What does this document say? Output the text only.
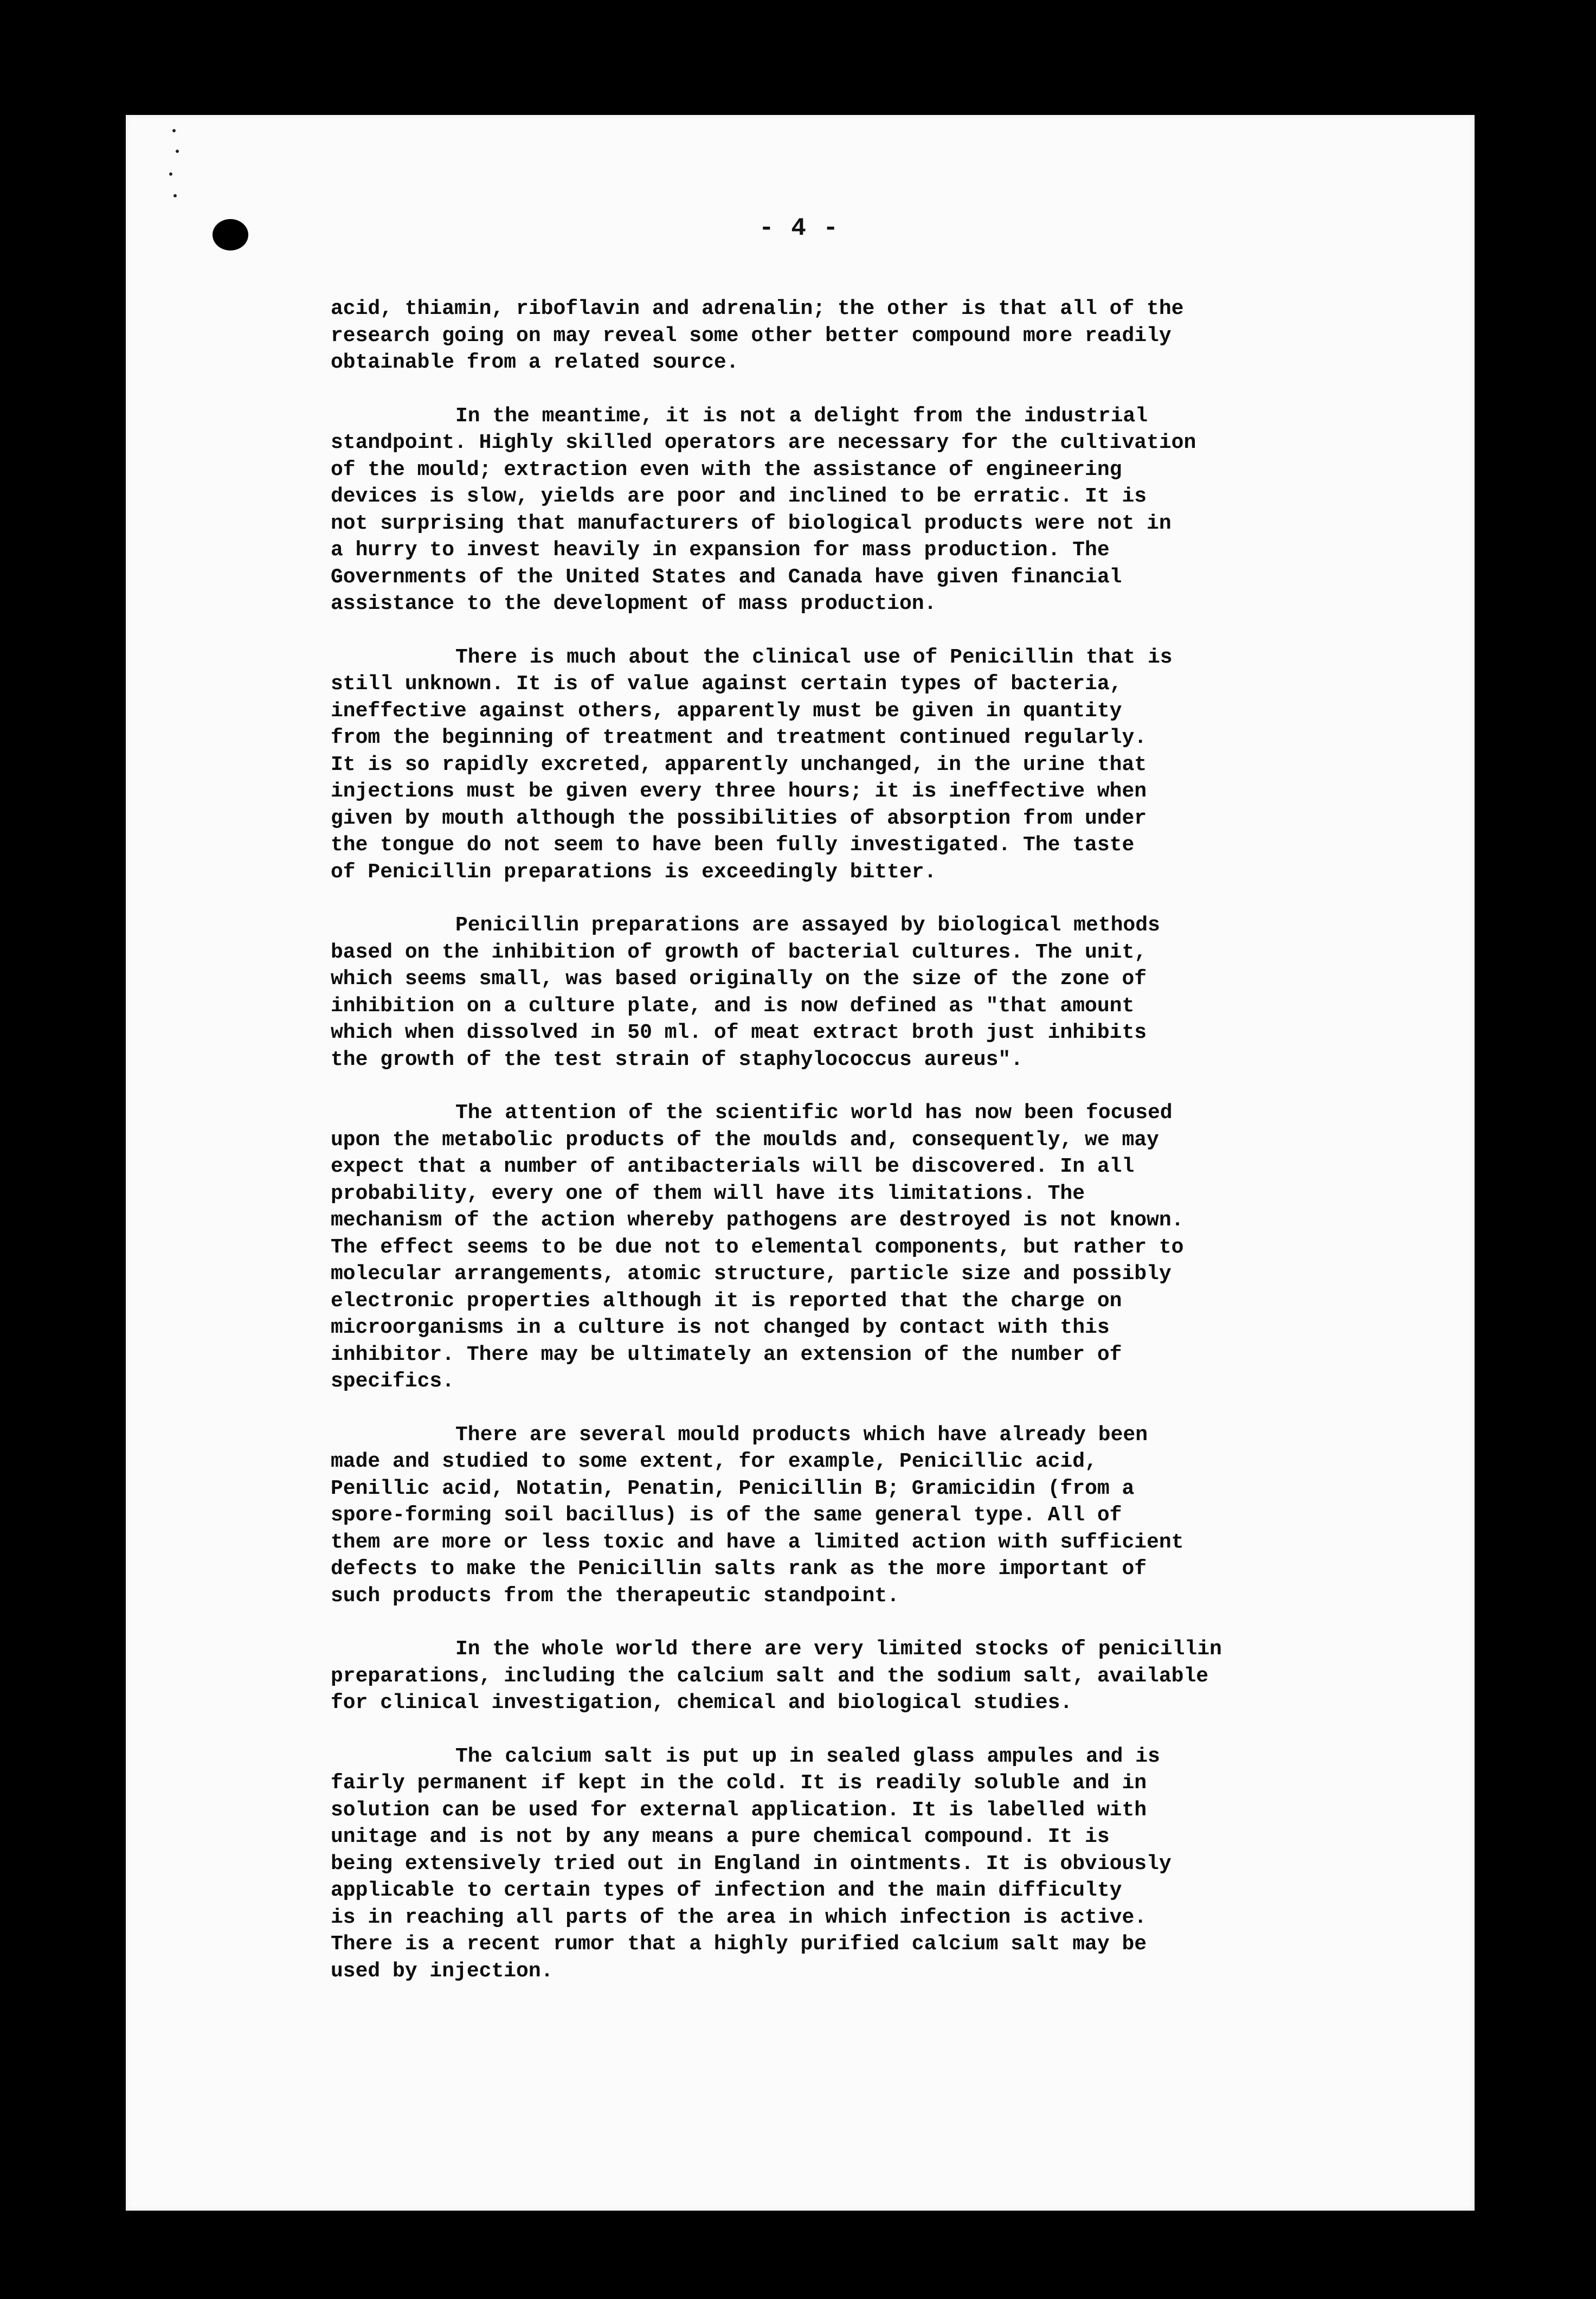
- 4 -

acid, thiamin, riboflavin and adrenalin; the other is that all of the
research going on may reveal some other better compound more readily
obtainable from a related source.

In the meantime, it is not a delight from the industrial
standpoint. Highly skilled operators are necessary for the cultivation
of the mould; extraction even with the assistance of engineering
devices is slow, yields are poor and inclined to be erratic. It is
not surprising that manufacturers of biological products were not in
a hurry to invest heavily in expansion for mass production. The
Governments of the United States and Canada have given financial
assistance to the development of mass production.

There is much about the clinical use of Penicillin that is
still unknown. It is of value against certain types of bacteria,
ineffective against others, apparently must be given in quantity
from the beginning of treatment and treatment continued regularly.
It is so rapidly excreted, apparently unchanged, in the urine that
injections must be given every three hours; it is ineffective when
given by mouth although the possibilities of absorption from under
the tongue do not seem to have been fully investigated. The taste
of Penicillin preparations is exceedingly bitter.

Penicillin preparations are assayed by biological methods
based on the inhibition of growth of bacterial cultures. The unit,
which seems small, was based originally on the size of the zone of
inhibition on a culture plate, and is now defined as "that amount
which when dissolved in 50 ml. of meat extract broth just inhibits
the growth of the test strain of staphylococcus aureus".

The attention of the scientific world has now been focused
upon the metabolic products of the moulds and, consequently, we may
expect that a number of antibacterials will be discovered. In all
probability, every one of them will have its limitations. The
mechanism of the action whereby pathogens are destroyed is not known.
The effect seems to be due not to elemental components, but rather to
molecular arrangements, atomic structure, particle size and possibly
electronic properties although it is reported that the charge on
microorganisms in a culture is not changed by contact with this
inhibitor. There may be ultimately an extension of the number of
specifics.

There are several mould products which have already been
made and studied to some extent, for example, Penicillic acid,
Penillic acid, Notatin, Penatin, Penicillin B; Gramicidin (from a
spore-forming soil bacillus) is of the same general type. All of
them are more or less toxic and have a limited action with sufficient
defects to make the Penicillin salts rank as the more important of
such products from the therapeutic standpoint.

In the whole world there are very limited stocks of penicillin
preparations, including the calcium salt and the sodium salt, available
for clinical investigation, chemical and biological studies.

The calcium salt is put up in sealed glass ampules and is
fairly permanent if kept in the cold. It is readily soluble and in
solution can be used for external application. It is labelled with
unitage and is not by any means a pure chemical compound. It is
being extensively tried out in England in ointments. It is obviously
applicable to certain types of infection and the main difficulty
is in reaching all parts of the area in which infection is active.
There is a recent rumor that a highly purified calcium salt may be
used by injection.
